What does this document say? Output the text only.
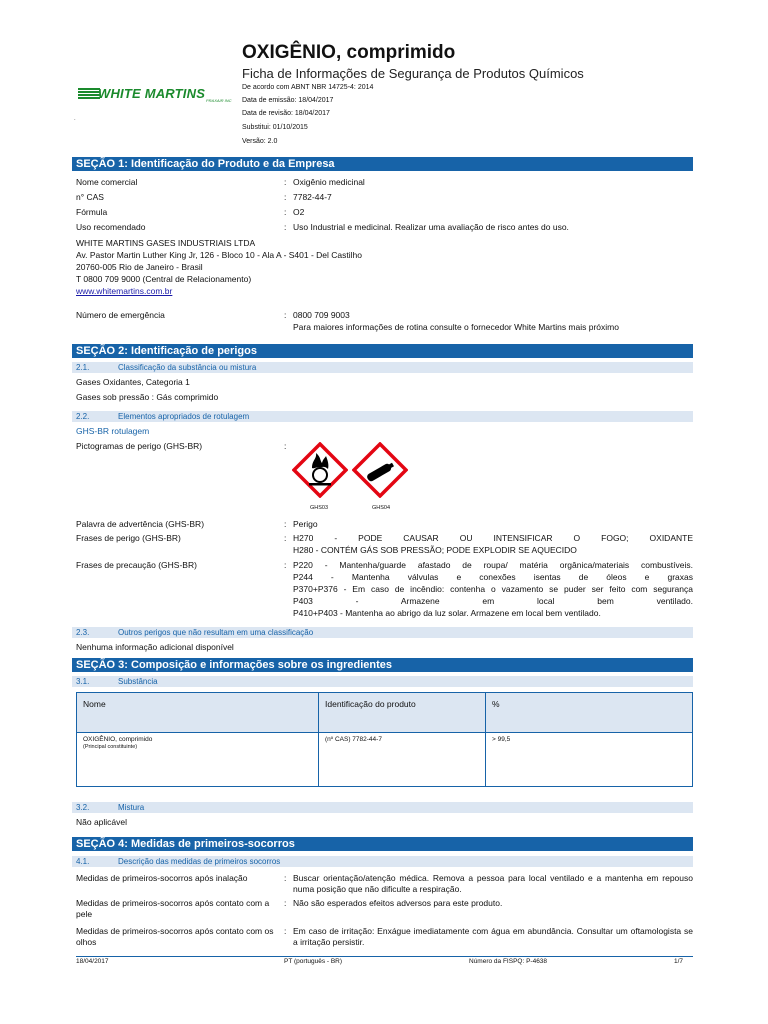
WHITE MARTINS PRAXAIR INC
.
OXIGÊNIO, comprimido
Ficha de Informações de Segurança de Produtos Químicos
De acordo com ABNT NBR 14725-4: 2014
Data de emissão: 18/04/2017
Data de revisão: 18/04/2017
Substitui: 01/10/2015
Versão: 2.0
SEÇÃO 1: Identificação do Produto e da Empresa
Nome comercial	: Oxigênio medicinal
n° CAS	: 7782-44-7
Fórmula	: O2
Uso recomendado	: Uso Industrial e medicinal. Realizar uma avaliação de risco antes do uso.
WHITE MARTINS GASES INDUSTRIAIS LTDA
Av. Pastor Martin Luther King Jr, 126 - Bloco 10 - Ala A - S401 - Del Castilho
20760-005 Rio de Janeiro - Brasil
T 0800 709 9000 (Central de Relacionamento)
www.whitemartins.com.br
Número de emergência	: 0800 709 9003
Para maiores informações de rotina consulte o fornecedor White Martins mais próximo
SEÇÃO 2: Identificação de perigos
2.1.	Classificação da substância ou mistura
Gases Oxidantes, Categoria 1
Gases sob pressão : Gás comprimido
2.2.	Elementos apropriados de rotulagem
GHS-BR rotulagem
Pictogramas de perigo (GHS-BR)	:
GHS03	GHS04
Palavra de advertência (GHS-BR)	: Perigo
Frases de perigo (GHS-BR)	: H270 - PODE CAUSAR OU INTENSIFICAR O FOGO; OXIDANTE
H280 - CONTÉM GÁS SOB PRESSÃO; PODE EXPLODIR SE AQUECIDO
Frases de precaução (GHS-BR)	: P220 - Mantenha/guarde afastado de roupa/ matéria orgânica/materiais combustíveis.
P244 - Mantenha válvulas e conexões isentas de óleos e graxas
P370+P376 - Em caso de incêndio: contenha o vazamento se puder ser feito com segurança
P403 - Armazene em local bem ventilado.
P410+P403 - Mantenha ao abrigo da luz solar. Armazene em local bem ventilado.
2.3.	Outros perigos que não resultam em uma classificação
Nenhuma informação adicional disponível
SEÇÃO 3: Composição e informações sobre os ingredientes
3.1.	Substância
Nome	Identificação do produto	%

OXIGÊNIO, comprimido
(Principal constituinte)	(nº CAS) 7782-44-7	> 99,5
3.2.	Mistura
Não aplicável
SEÇÃO 4: Medidas de primeiros-socorros
4.1.	Descrição das medidas de primeiros socorros
Medidas de primeiros-socorros após inalação	: Buscar orientação/atenção médica. Remova a pessoa para local ventilado e a mantenha em repouso numa posição que não dificulte a respiração.
Medidas de primeiros-socorros após contato com a pele
: Não são esperados efeitos adversos para este produto.
Medidas de primeiros-socorros após contato com os olhos
: Em caso de irritação: Enxágue imediatamente com água em abundância. Consultar um oftamologista se a irritação persistir.
18/04/2017	PT (português - BR)	Número da FISPQ: P-4638	1/7
